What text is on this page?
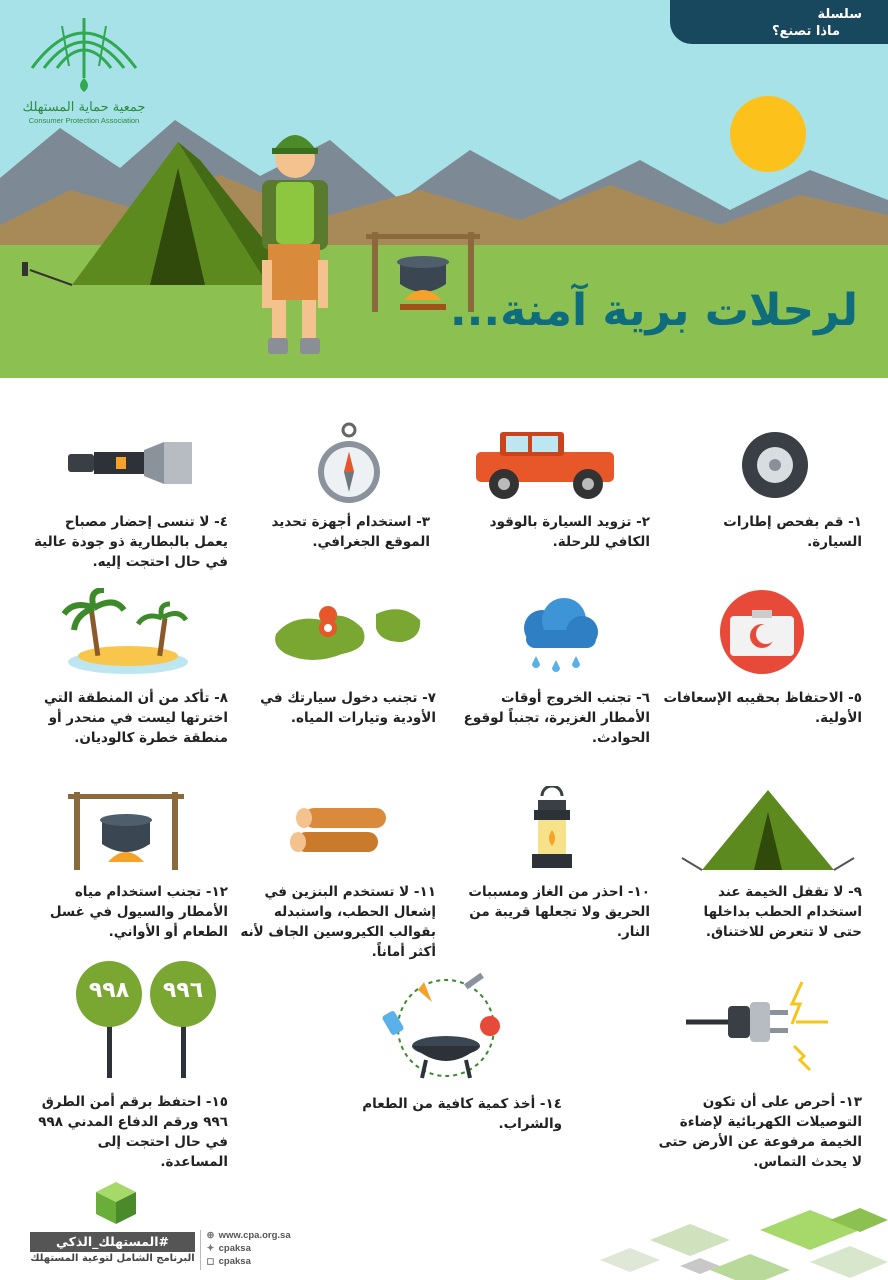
سلسلة
ماذا تصنع؟
جمعية حماية المستهلك
Consumer Protection Association
لرحلات برية آمنة...
١- قم بفحص إطارات السيارة.
٢- تزويد السيارة بالوقود الكافي للرحلة.
٣- استخدام أجهزة تحديد الموقع الجغرافي.
٤- لا تنسى إحضار مصباح يعمل بالبطارية ذو جودة عالية في حال احتجت إليه.
٥- الاحتفاظ بحقيبه الإسعافات الأولية.
٦- تجنب الخروج أوقات الأمطار الغزيرة، تجنباً لوقوع الحوادث.
٧- تجنب دخول سيارتك في الأودية وتيارات المياه.
٨- تأكد من أن المنطقة التي اخترتها ليست في منحدر أو منطقة خطرة كالوديان.
٩- لا تقفل الخيمة عند استخدام الحطب بداخلها حتى لا تتعرض للاختناق.
١٠- احذر من الغاز ومسببات الحريق ولا تجعلها قريبة من النار.
١١- لا تستخدم البنزين في إشعال الحطب، واستبدله بقوالب الكيروسين الجاف لأنه أكثر أماناً.
١٢- تجنب استخدام مياه الأمطار والسيول في غسل الطعام أو الأواني.
١٣- أحرص على أن تكون التوصيلات الكهربائية لإضاءة الخيمة مرفوعة عن الأرض حتى لا يحدث التماس.
١٤- أخذ كمية كافية من الطعام والشراب.
٩٩٨	٩٩٦
١٥- احتفظ برقم أمن الطرق ٩٩٦ ورقم الدفاع المدني ٩٩٨ في حال احتجت إلى المساعدة.
#المستهلك_الذكي
البرنامج الشامل لتوعية المستهلك
⊕ www.cpa.org.sa
✦ cpaksa
◻ cpaksa
